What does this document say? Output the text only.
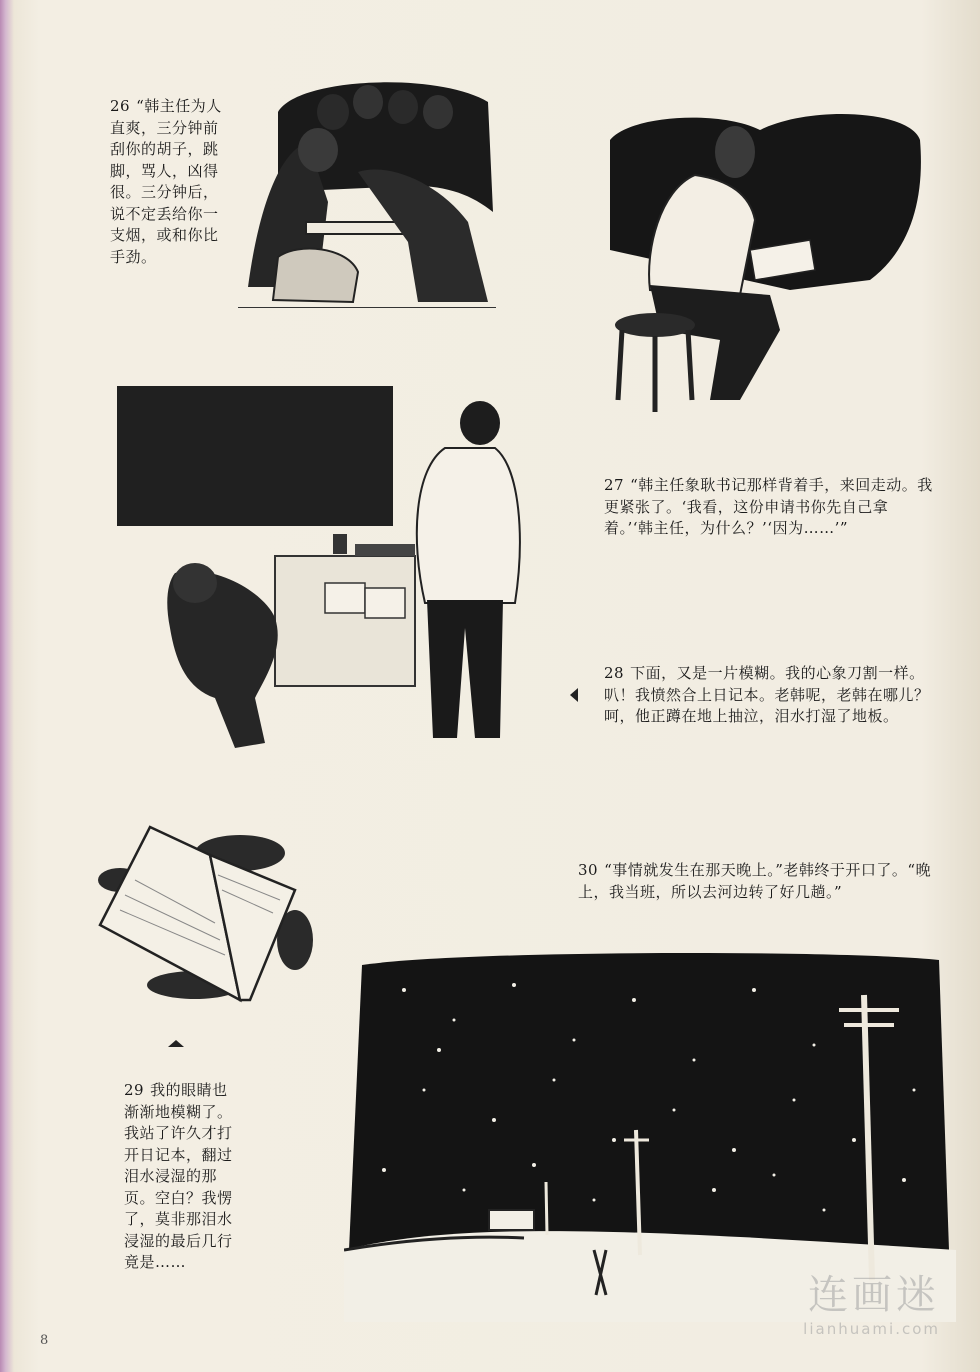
26 “韩主任为人直爽，三分钟前刮你的胡子，跳脚，骂人，凶得很。三分钟后，说不定丢给你一支烟，或和你比手劲。
27 “韩主任象耿书记那样背着手，来回走动。我更紧张了。‘我看，这份申请书你先自己拿着。’‘韩主任，为什么？’‘因为……’”
28 下面，又是一片模糊。我的心象刀割一样。叭！我愤然合上日记本。老韩呢，老韩在哪儿？呵，他正蹲在地上抽泣，泪水打湿了地板。
29 我的眼睛也渐渐地模糊了。我站了许久才打开日记本，翻过泪水浸湿的那页。空白？我愣了，莫非那泪水浸湿的最后几行竟是……
30 “事情就发生在那天晚上。”老韩终于开口了。“晚上，我当班，所以去河边转了好几趟。”
连画迷
lianhuami.com
8
